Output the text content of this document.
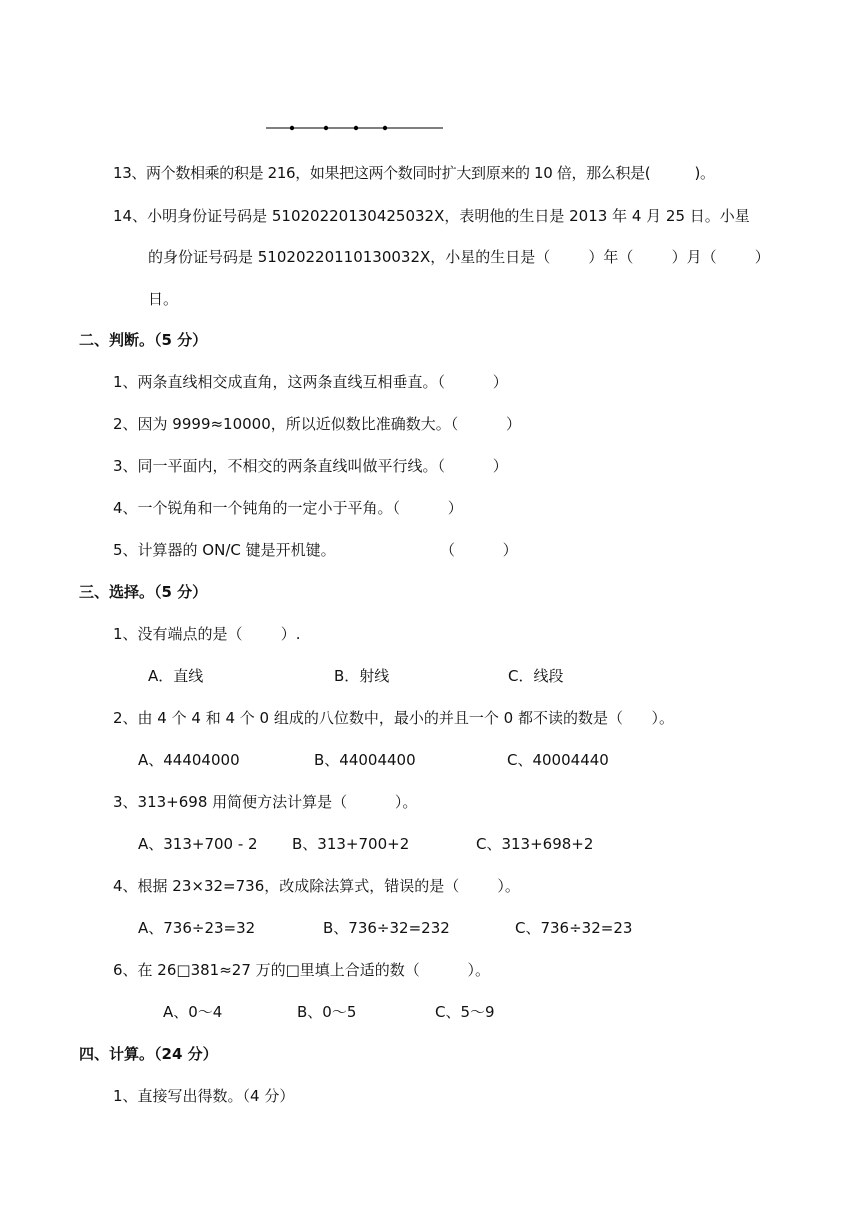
13、两个数相乘的积是 216，如果把这两个数同时扩大到原来的 10 倍，那么积是(          )。
14、小明身份证号码是 51020220130425032X，表明他的生日是 2013 年 4 月 25 日。小星
的身份证号码是 51020220110130032X，小星的生日是（        ）年（        ）月（        ）
日。
二、判断。（5 分）
1、两条直线相交成直角，这两条直线互相垂直。（          ）
2、因为 9999≈10000，所以近似数比准确数大。（          ）
3、同一平面内，不相交的两条直线叫做平行线。（          ）
4、一个锐角和一个钝角的一定小于平角。（          ）
5、计算器的 ON/C 键是开机键。	（          ）
三、选择。（5 分）
1、没有端点的是（        ）.
A．直线	B．射线	C．线段
2、由 4 个 4 和 4 个 0 组成的八位数中，最小的并且一个 0 都不读的数是（      ）。
A、44404000	B、44004400	C、40004440
3、313+698 用简便方法计算是（          ）。
A、313+700 - 2 B、313+700+2	C、313+698+2
4、根据 23×32=736，改成除法算式，错误的是（        ）。
A、736÷23=32	B、736÷32=232	C、736÷32=23
6、在 26□381≈27 万的□里填上合适的数（          ）。
A、0～4	B、0～5	C、5～9
四、计算。（24 分）
1、直接写出得数。（4 分）
